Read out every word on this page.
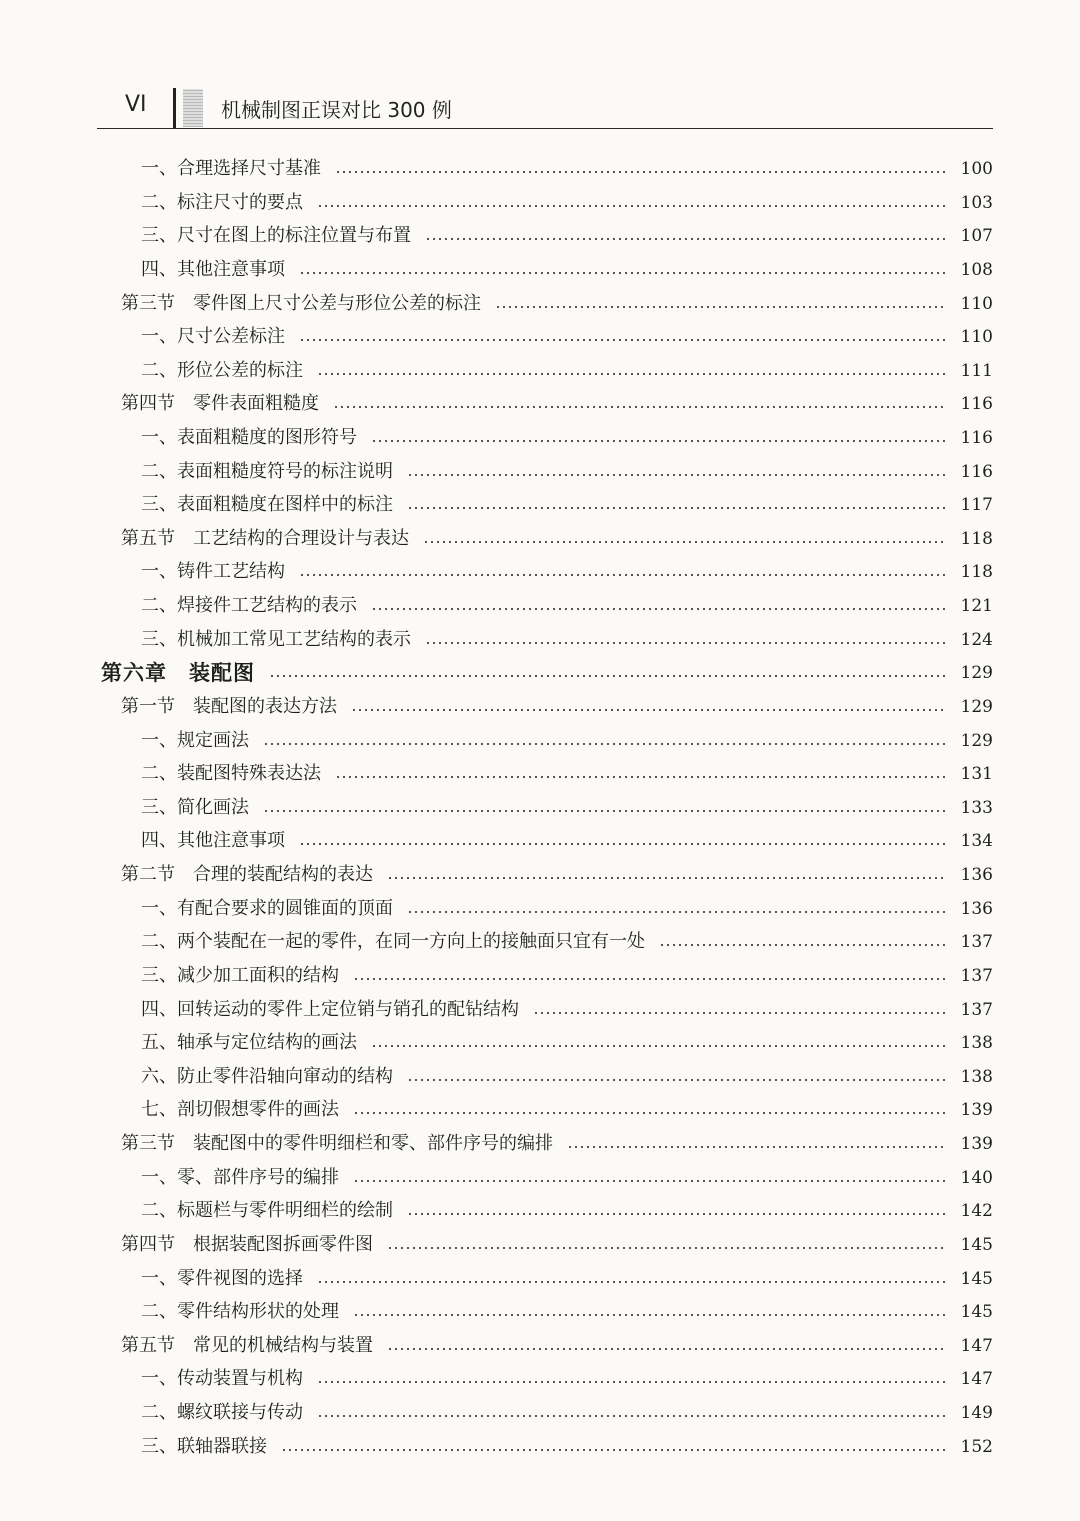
VI	机械制图正误对比 300 例
一、合理选择尺寸基准	100
二、标注尺寸的要点	103
三、尺寸在图上的标注位置与布置	107
四、其他注意事项	108
第三节　零件图上尺寸公差与形位公差的标注	110
一、尺寸公差标注	110
二、形位公差的标注	111
第四节　零件表面粗糙度	116
一、表面粗糙度的图形符号	116
二、表面粗糙度符号的标注说明	116
三、表面粗糙度在图样中的标注	117
第五节　工艺结构的合理设计与表达	118
一、铸件工艺结构	118
二、焊接件工艺结构的表示	121
三、机械加工常见工艺结构的表示	124
第六章　装配图	129
第一节　装配图的表达方法	129
一、规定画法	129
二、装配图特殊表达法	131
三、简化画法	133
四、其他注意事项	134
第二节　合理的装配结构的表达	136
一、有配合要求的圆锥面的顶面	136
二、两个装配在一起的零件，在同一方向上的接触面只宜有一处	137
三、减少加工面积的结构	137
四、回转运动的零件上定位销与销孔的配钻结构	137
五、轴承与定位结构的画法	138
六、防止零件沿轴向窜动的结构	138
七、剖切假想零件的画法	139
第三节　装配图中的零件明细栏和零、部件序号的编排	139
一、零、部件序号的编排	140
二、标题栏与零件明细栏的绘制	142
第四节　根据装配图拆画零件图	145
一、零件视图的选择	145
二、零件结构形状的处理	145
第五节　常见的机械结构与装置	147
一、传动装置与机构	147
二、螺纹联接与传动	149
三、联轴器联接	152
